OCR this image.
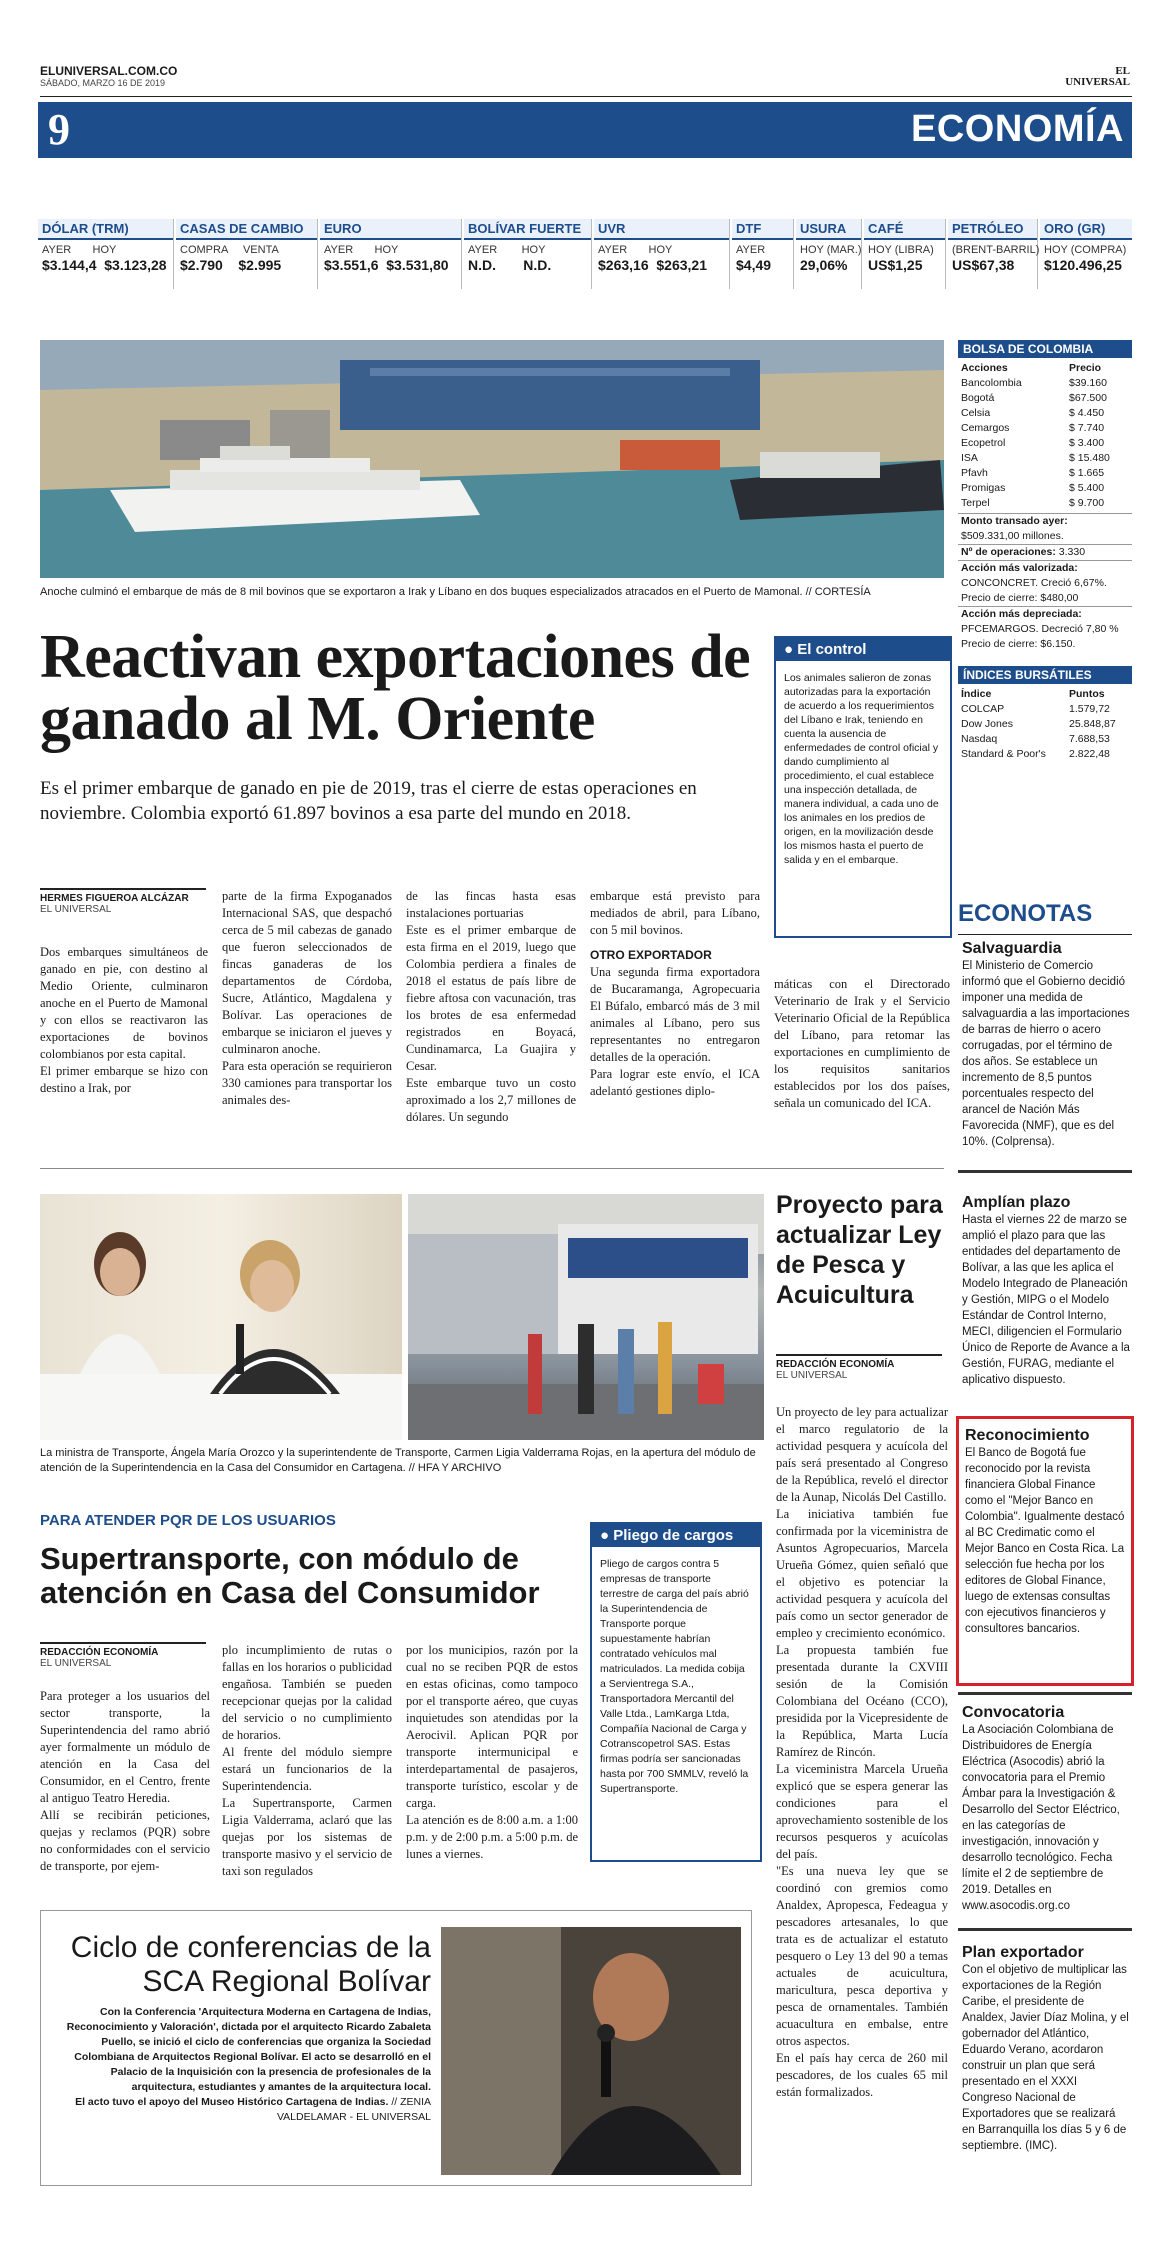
ELUNIVERSAL.COM.CO
SÁBADO, MARZO 16 DE 2019
EL
UNIVERSAL
9	ECONOMÍA
DÓLAR (TRM)
AYER       HOY
$3.144,4  $3.123,28
CASAS DE CAMBIO
COMPRA     VENTA
$2.790    $2.995
EURO
AYER       HOY
$3.551,6  $3.531,80
BOLÍVAR FUERTE
AYER        HOY
N.D.       N.D.
UVR
AYER       HOY
$263,16  $263,21
DTF
AYER
$4,49
USURA
HOY (MAR.)
29,06%
CAFÉ
HOY (LIBRA)
US$1,25
PETRÓLEO
(BRENT-BARRIL)
US$67,38
ORO (GR)
HOY (COMPRA)
$120.496,25
Anoche culminó el embarque de más de 8 mil bovinos que se exportaron a Irak y Líbano en dos buques especializados atracados en el Puerto de Mamonal. // CORTESÍA
Reactivan exportaciones de ganado al M. Oriente
Es el primer embarque de ganado en pie de 2019, tras el cierre de estas operaciones en noviembre. Colombia exportó 61.897 bovinos a esa parte del mundo en 2018.
● El control
Los animales salieron de zonas autorizadas para la exportación de acuerdo a los requerimientos del Líbano e Irak, teniendo en cuenta la ausencia de enfermedades de control oficial y dando cumplimiento al procedimiento, el cual establece una inspección detallada, de manera individual, a cada uno de los animales en los predios de origen, en la movilización desde los mismos hasta el puerto de salida y en el embarque.
HERMES FIGUEROA ALCÁZAR
EL UNIVERSAL
Dos embarques simultáneos de ganado en pie, con destino al Medio Oriente, culminaron anoche en el Puerto de Mamonal y con ellos se reactivaron las exportaciones de bovinos colombianos por esta capital.
El primer embarque se hizo con destino a Irak, por
parte de la firma Expoganados Internacional SAS, que despachó cerca de 5 mil cabezas de ganado que fueron seleccionados de fincas ganaderas de los departamentos de Córdoba, Sucre, Atlántico, Magdalena y Bolívar. Las operaciones de embarque se iniciaron el jueves y culminaron anoche.
Para esta operación se requirieron 330 camiones para transportar los animales des-
de las fincas hasta esas instalaciones portuarias
Este es el primer embarque de esta firma en el 2019, luego que Colombia perdiera a finales de 2018 el estatus de país libre de fiebre aftosa con vacunación, tras los brotes de esa enfermedad registrados en Boyacá, Cundinamarca, La Guajira y Cesar.
Este embarque tuvo un costo aproximado a los 2,7 millones de dólares. Un segundo
embarque está previsto para mediados de abril, para Líbano, con 5 mil bovinos.
OTRO EXPORTADOR
Una segunda firma exportadora de Bucaramanga, Agropecuaria El Búfalo, embarcó más de 3 mil animales al Líbano, pero sus representantes no entregaron detalles de la operación.
Para lograr este envío, el ICA adelantó gestiones diplo-
máticas con el Directorado Veterinario de Irak y el Servicio Veterinario Oficial de la República del Líbano, para retomar las exportaciones en cumplimiento de los requisitos sanitarios establecidos por los dos países, señala un comunicado del ICA.
BOLSA DE COLOMBIA
Acciones	Precio
Bancolombia	$39.160
Bogotá	$67.500
Celsia	$ 4.450
Cemargos	$ 7.740
Ecopetrol	$ 3.400
ISA	$ 15.480
Pfavh	$ 1.665
Promigas	$ 5.400
Terpel	$ 9.700
Monto transado ayer: $509.331,00 millones.
Nº de operaciones: 3.330
Acción más valorizada:
CONCONCRET. Creció 6,67%.
Precio de cierre: $480,00
Acción más depreciada:
PFCEMARGOS. Decreció 7,80 %
Precio de cierre: $6.150.
ÍNDICES BURSÁTILES
Índice	Puntos
COLCAP	1.579,72
Dow Jones	25.848,87
Nasdaq	7.688,53
Standard & Poor's 2.822,48
ECONOTAS
Salvaguardia
El Ministerio de Comercio informó que el Gobierno decidió imponer una medida de salvaguardia a las importaciones de barras de hierro o acero corrugadas, por el término de dos años. Se establece un incremento de 8,5 puntos porcentuales respecto del arancel de Nación Más Favorecida (NMF), que es del 10%. (Colprensa).
Amplían plazo
Hasta el viernes 22 de marzo se amplió el plazo para que las entidades del departamento de Bolívar, a las que les aplica el Modelo Integrado de Planeación y Gestión, MIPG o el Modelo Estándar de Control Interno, MECI, diligencien el Formulario Único de Reporte de Avance a la Gestión, FURAG, mediante el aplicativo dispuesto.
Reconocimiento
El Banco de Bogotá fue reconocido por la revista financiera Global Finance como el "Mejor Banco en Colombia". Igualmente destacó al BC Credimatic como el Mejor Banco en Costa Rica. La selección fue hecha por los editores de Global Finance, luego de extensas consultas con ejecutivos financieros y consultores bancarios.
Convocatoria
La Asociación Colombiana de Distribuidores de Energía Eléctrica (Asocodis) abrió la convocatoria para el Premio Ámbar para la Investigación & Desarrollo del Sector Eléctrico, en las categorías de investigación, innovación y desarrollo tecnológico. Fecha límite el 2 de septiembre de 2019. Detalles en www.asocodis.org.co
Plan exportador
Con el objetivo de multiplicar las exportaciones de la Región Caribe, el presidente de Analdex, Javier Díaz Molina, y el gobernador del Atlántico, Eduardo Verano, acordaron construir un plan que será presentado en el XXXI Congreso Nacional de Exportadores que se realizará en Barranquilla los días 5 y 6 de septiembre. (IMC).
La ministra de Transporte, Ángela María Orozco y la superintendente de Transporte, Carmen Ligia Valderrama Rojas, en la apertura del módulo de atención de la Superintendencia en la Casa del Consumidor en Cartagena. // HFA Y ARCHIVO
PARA ATENDER PQR DE LOS USUARIOS
Supertransporte, con módulo de atención en Casa del Consumidor
REDACCIÓN ECONOMÍA
EL UNIVERSAL
Para proteger a los usuarios del sector transporte, la Superintendencia del ramo abrió ayer formalmente un módulo de atención en la Casa del Consumidor, en el Centro, frente al antiguo Teatro Heredia.
Allí se recibirán peticiones, quejas y reclamos (PQR) sobre no conformidades con el servicio de transporte, por ejem-
plo incumplimiento de rutas o fallas en los horarios o publicidad engañosa. También se pueden recepcionar quejas por la calidad del servicio o no cumplimiento de horarios.
Al frente del módulo siempre estará un funcionarios de la Superintendencia.
La Supertransporte, Carmen Ligia Valderrama, aclaró que las quejas por los sistemas de transporte masivo y el servicio de taxi son regulados
por los municipios, razón por la cual no se reciben PQR de estos en estas oficinas, como tampoco por el transporte aéreo, que cuyas inquietudes son atendidas por la Aerocivil. Aplican PQR por transporte intermunicipal e interdepartamental de pasajeros, transporte turístico, escolar y de carga.
La atención es de 8:00 a.m. a 1:00 p.m. y de 2:00 p.m. a 5:00 p.m. de lunes a viernes.
● Pliego de cargos
Pliego de cargos contra 5 empresas de transporte terrestre de carga del país abrió la Superintendencia de Transporte porque supuestamente habrían contratado vehículos mal matriculados. La medida cobija a Servientrega S.A., Transportadora Mercantil del Valle Ltda., LamKarga Ltda, Compañía Nacional de Carga y Cotranscopetrol SAS. Estas firmas podría ser sancionadas hasta por 700 SMMLV, reveló la Supertransporte.
Proyecto para actualizar Ley de Pesca y Acuicultura
REDACCIÓN ECONOMÍA
EL UNIVERSAL
Un proyecto de ley para actualizar el marco regulatorio de la actividad pesquera y acuícola del país será presentado al Congreso de la República, reveló el director de la Aunap, Nicolás Del Castillo.
La iniciativa también fue confirmada por la viceministra de Asuntos Agropecuarios, Marcela Urueña Gómez, quien señaló que el objetivo es potenciar la actividad pesquera y acuícola del país como un sector generador de empleo y crecimiento económico.
La propuesta también fue presentada durante la CXVIII sesión de la Comisión Colombiana del Océano (CCO), presidida por la Vicepresidente de la República, Marta Lucía Ramírez de Rincón.
La viceministra Marcela Urueña explicó que se espera generar las condiciones para el aprovechamiento sostenible de los recursos pesqueros y acuícolas del país.
"Es una nueva ley que se coordinó con gremios como Analdex, Apropesca, Fedeagua y pescadores artesanales, lo que trata es de actualizar el estatuto pesquero o Ley 13 del 90 a temas actuales de acuicultura, maricultura, pesca deportiva y pesca de ornamentales. También acuacultura en embalse, entre otros aspectos.
En el país hay cerca de 260 mil pescadores, de los cuales 65 mil están formalizados.
Ciclo de conferencias de la SCA Regional Bolívar
Con la Conferencia 'Arquitectura Moderna en Cartagena de Indias, Reconocimiento y Valoración', dictada por el arquitecto Ricardo Zabaleta Puello, se inició el ciclo de conferencias que organiza la Sociedad Colombiana de Arquitectos Regional Bolívar. El acto se desarrolló en el Palacio de la Inquisición con la presencia de profesionales de la arquitectura, estudiantes y amantes de la arquitectura local.
El acto tuvo el apoyo del Museo Histórico Cartagena de Indias. // ZENIA VALDELAMAR - EL UNIVERSAL
